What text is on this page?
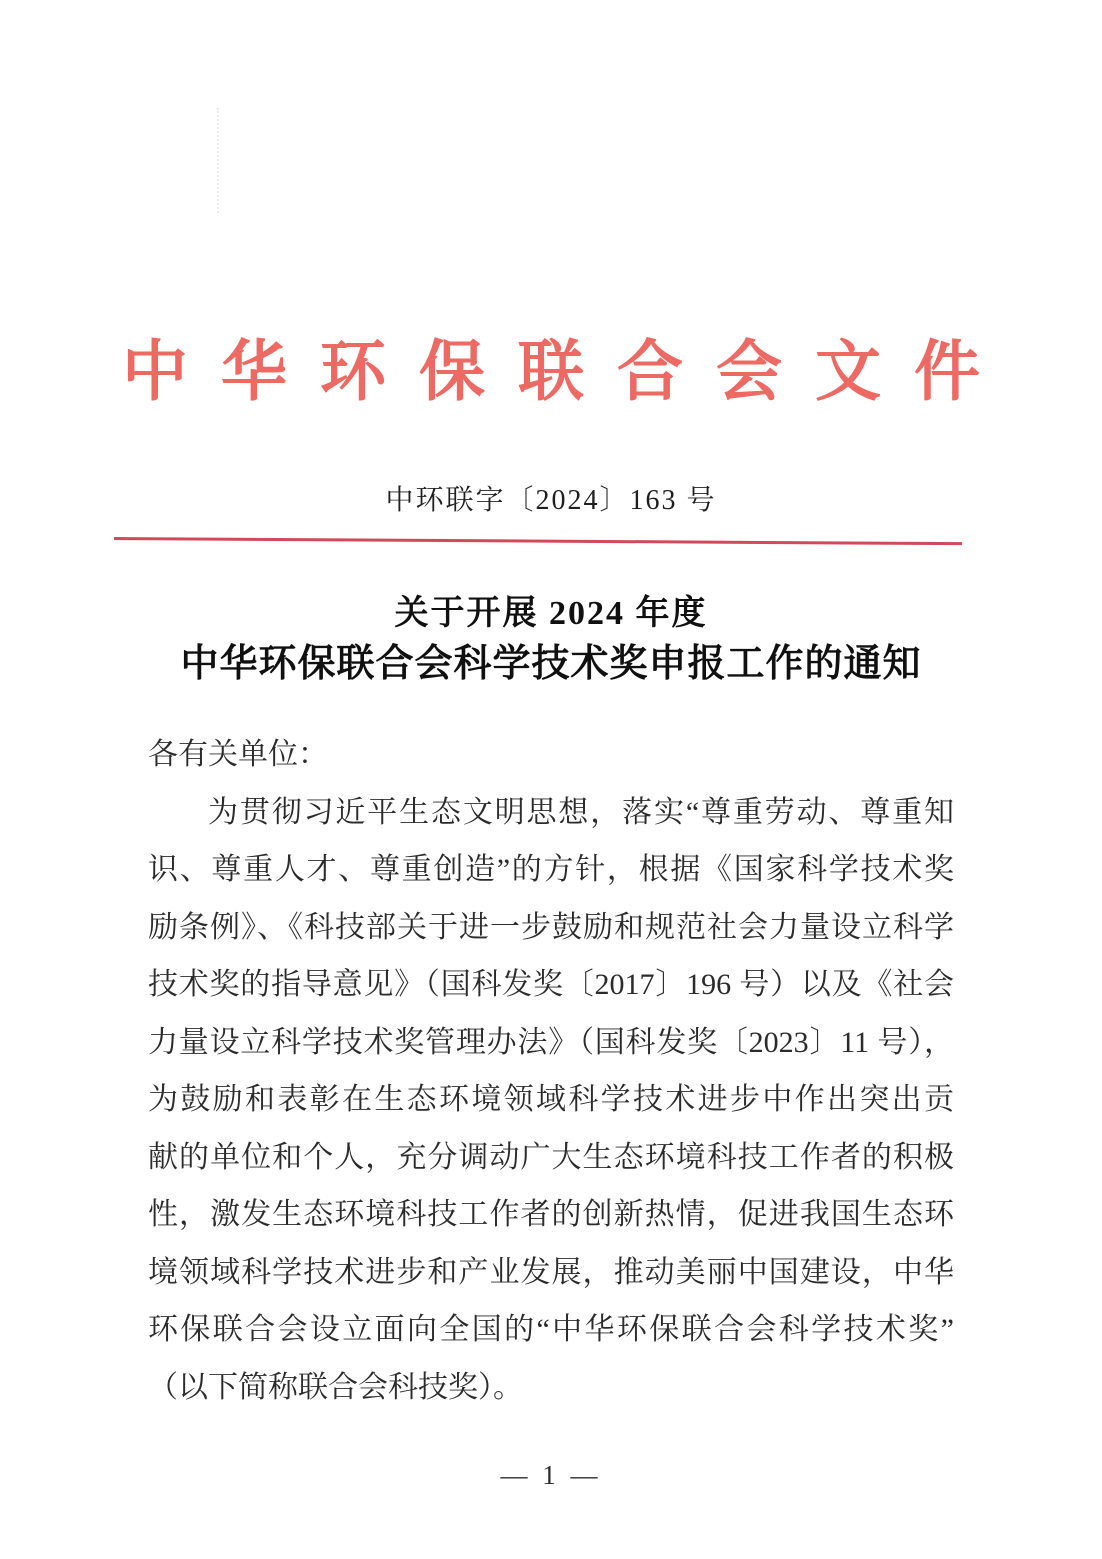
中华环保联合会文件
中环联字〔2024〕163 号
关于开展 2024 年度
中华环保联合会科学技术奖申报工作的通知
各有关单位：
为贯彻习近平生态文明思想，落实“尊重劳动、尊重知
识、尊重人才、尊重创造”的方针，根据《国家科学技术奖
励条例》、《科技部关于进一步鼓励和规范社会力量设立科学
技术奖的指导意见》（国科发奖〔2017〕196 号）以及《社会
力量设立科学技术奖管理办法》（国科发奖〔2023〕11 号），
为鼓励和表彰在生态环境领域科学技术进步中作出突出贡
献的单位和个人，充分调动广大生态环境科技工作者的积极
性，激发生态环境科技工作者的创新热情，促进我国生态环
境领域科学技术进步和产业发展，推动美丽中国建设，中华
环保联合会设立面向全国的“中华环保联合会科学技术奖”
（以下简称联合会科技奖）。
— 1 —
